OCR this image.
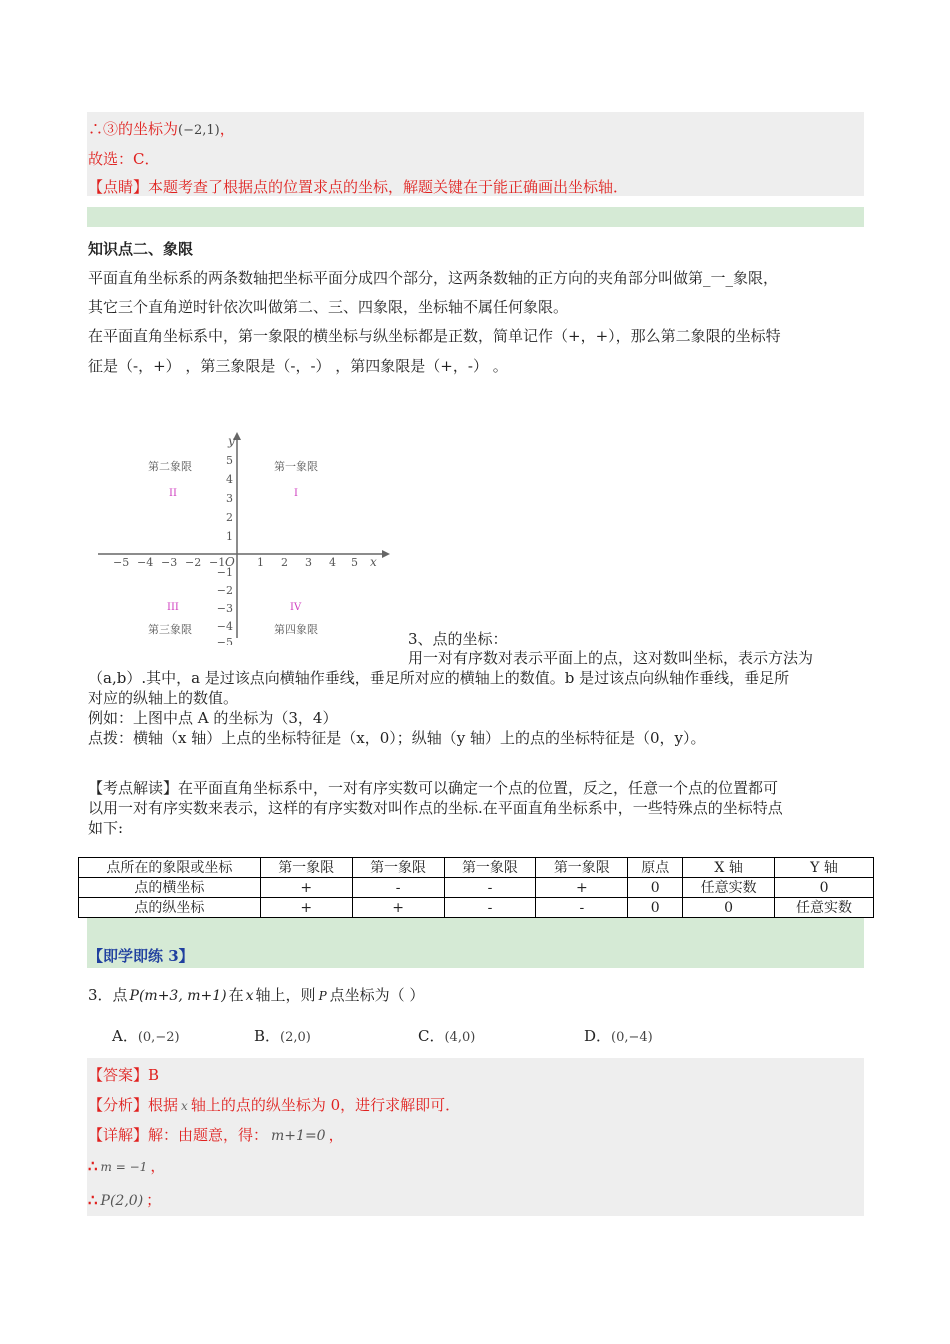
∴③的坐标为(−2,1)，
故选：C．
【点睛】本题考查了根据点的位置求点的坐标，解题关键在于能正确画出坐标轴．
知识点二、象限
平面直角坐标系的两条数轴把坐标平面分成四个部分，这两条数轴的正方向的夹角部分叫做第_一_象限，
其它三个直角逆时针依次叫做第二、三、四象限，坐标轴不属任何象限。
在平面直角坐标系中，第一象限的横坐标与纵坐标都是正数，简单记作（+，+），那么第二象限的坐标特
征是（-，+） ，第三象限是（-，-） ，第四象限是（+，-） 。
y
x
O
−5 −4 −3 −2 −1	1 2 3 4 5
5
4
3
2
1
−1
−2
−3
−4
−5
第二象限	第一象限
第三象限	第四象限
II	I
III	IV
3、点的坐标：
用一对有序数对表示平面上的点，这对数叫坐标，表示方法为
（a,b）.其中，a 是过该点向横轴作垂线，垂足所对应的横轴上的数值。b 是过该点向纵轴作垂线，垂足所
对应的纵轴上的数值。
例如：上图中点 A 的坐标为（3，4）
点拨：横轴（x 轴）上点的坐标特征是（x，0）；纵轴（y 轴）上的点的坐标特征是（0，y）。
【考点解读】在平面直角坐标系中，一对有序实数可以确定一个点的位置，反之，任意一个点的位置都可
以用一对有序实数来表示，这样的有序实数对叫作点的坐标.在平面直角坐标系中，一些特殊点的坐标特点
如下:
点所在的象限或坐标	第一象限	第一象限	第一象限	第一象限	原点	X 轴	Y 轴
点的横坐标	+	-	-	+	0	任意实数	0
点的纵坐标	+	+	-	-	0	0	任意实数
【即学即练 3】
3．点 P(m+3, m+1) 在 x 轴上，则 P 点坐标为（ ）
A．(0,−2)	B．(2,0)	C．(4,0)	D．(0,−4)
【答案】B
【分析】根据 x 轴上的点的纵坐标为 0，进行求解即可．
【详解】解：由题意，得： m+1=0 ，
∴ m = −1 ，
∴ P(2,0) ；
